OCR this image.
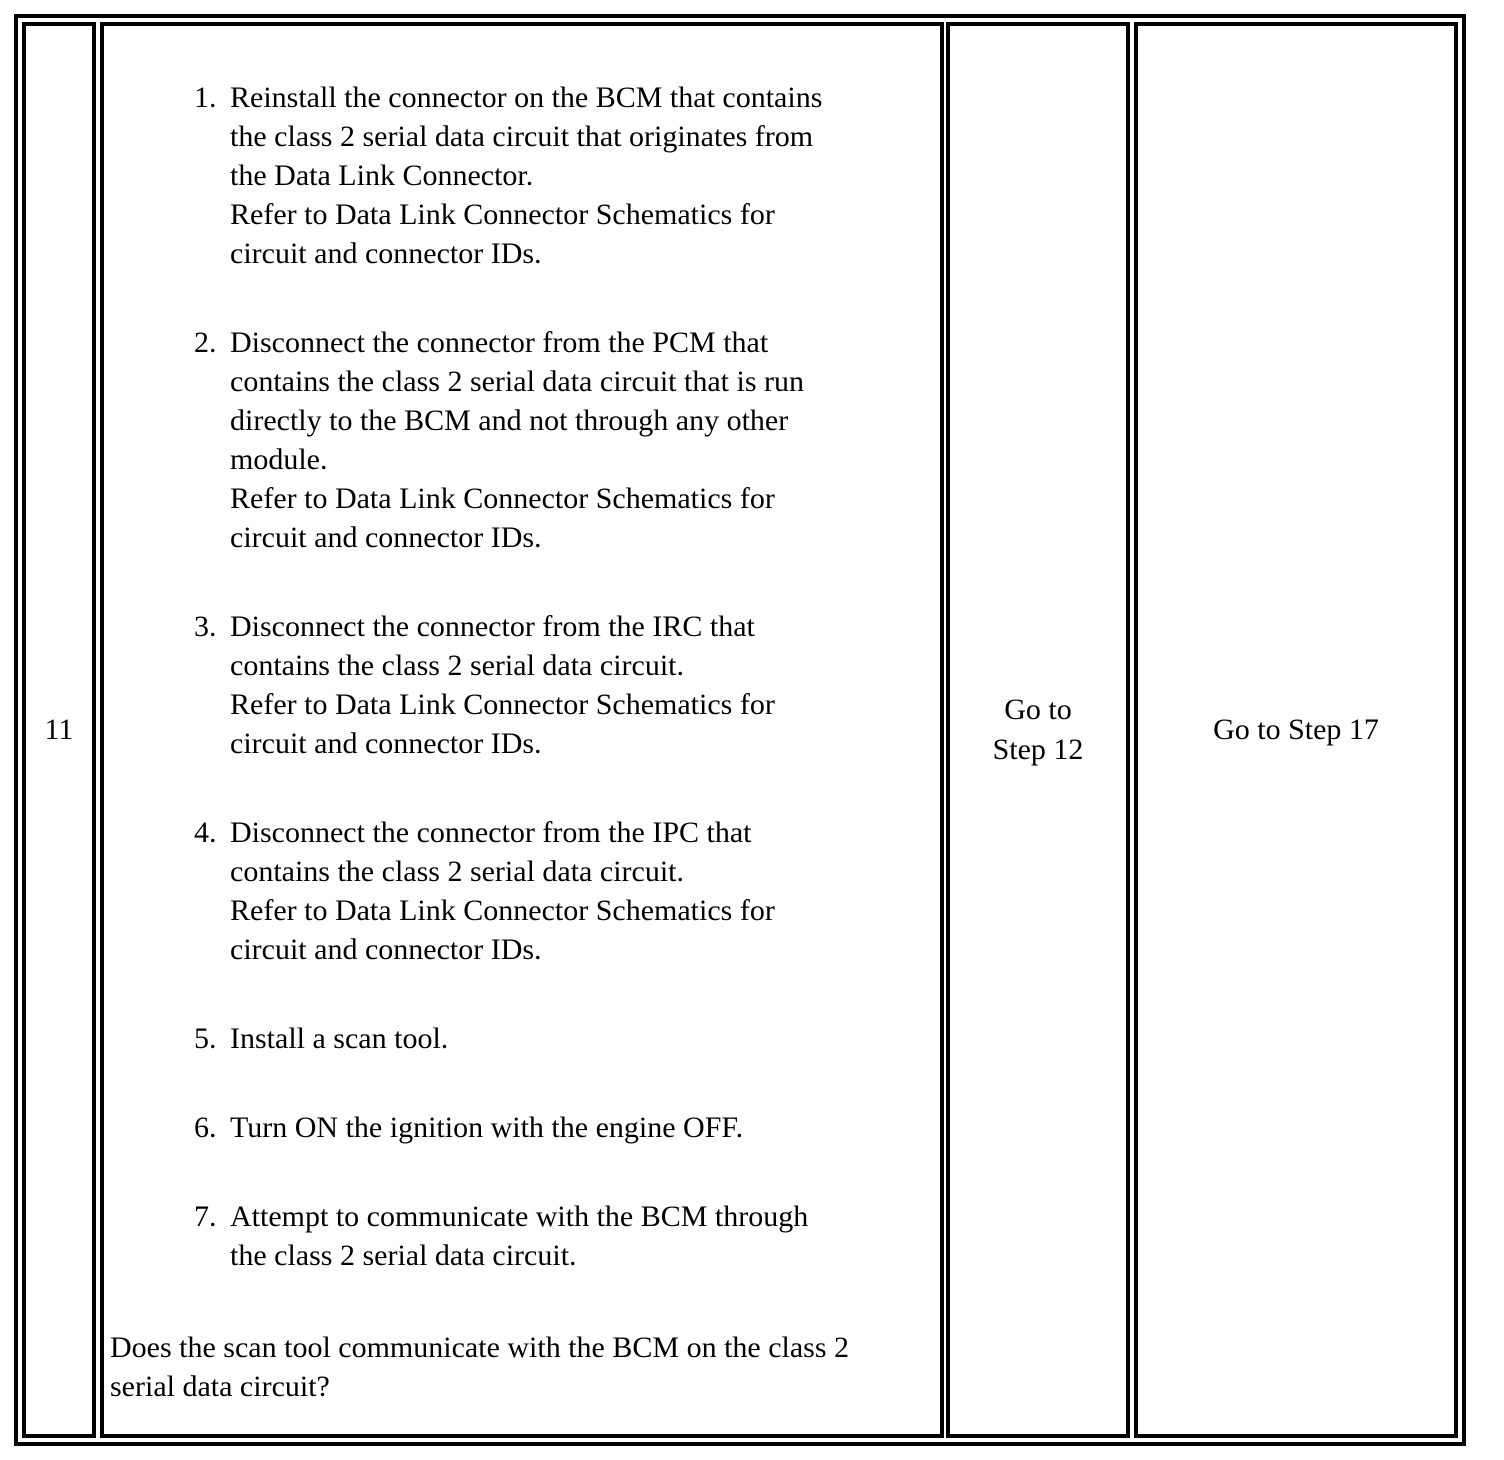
11
1. Reinstall the connector on the BCM that contains
the class 2 serial data circuit that originates from
the Data Link Connector.
Refer to Data Link Connector Schematics for
circuit and connector IDs.
2. Disconnect the connector from the PCM that
contains the class 2 serial data circuit that is run
directly to the BCM and not through any other
module.
Refer to Data Link Connector Schematics for
circuit and connector IDs.
3. Disconnect the connector from the IRC that
contains the class 2 serial data circuit.
Refer to Data Link Connector Schematics for
circuit and connector IDs.
4. Disconnect the connector from the IPC that
contains the class 2 serial data circuit.
Refer to Data Link Connector Schematics for
circuit and connector IDs.
5. Install a scan tool.
6. Turn ON the ignition with the engine OFF.
7. Attempt to communicate with the BCM through
the class 2 serial data circuit.
Does the scan tool communicate with the BCM on the class 2
serial data circuit?
Go to
Step 12
Go to Step 17
